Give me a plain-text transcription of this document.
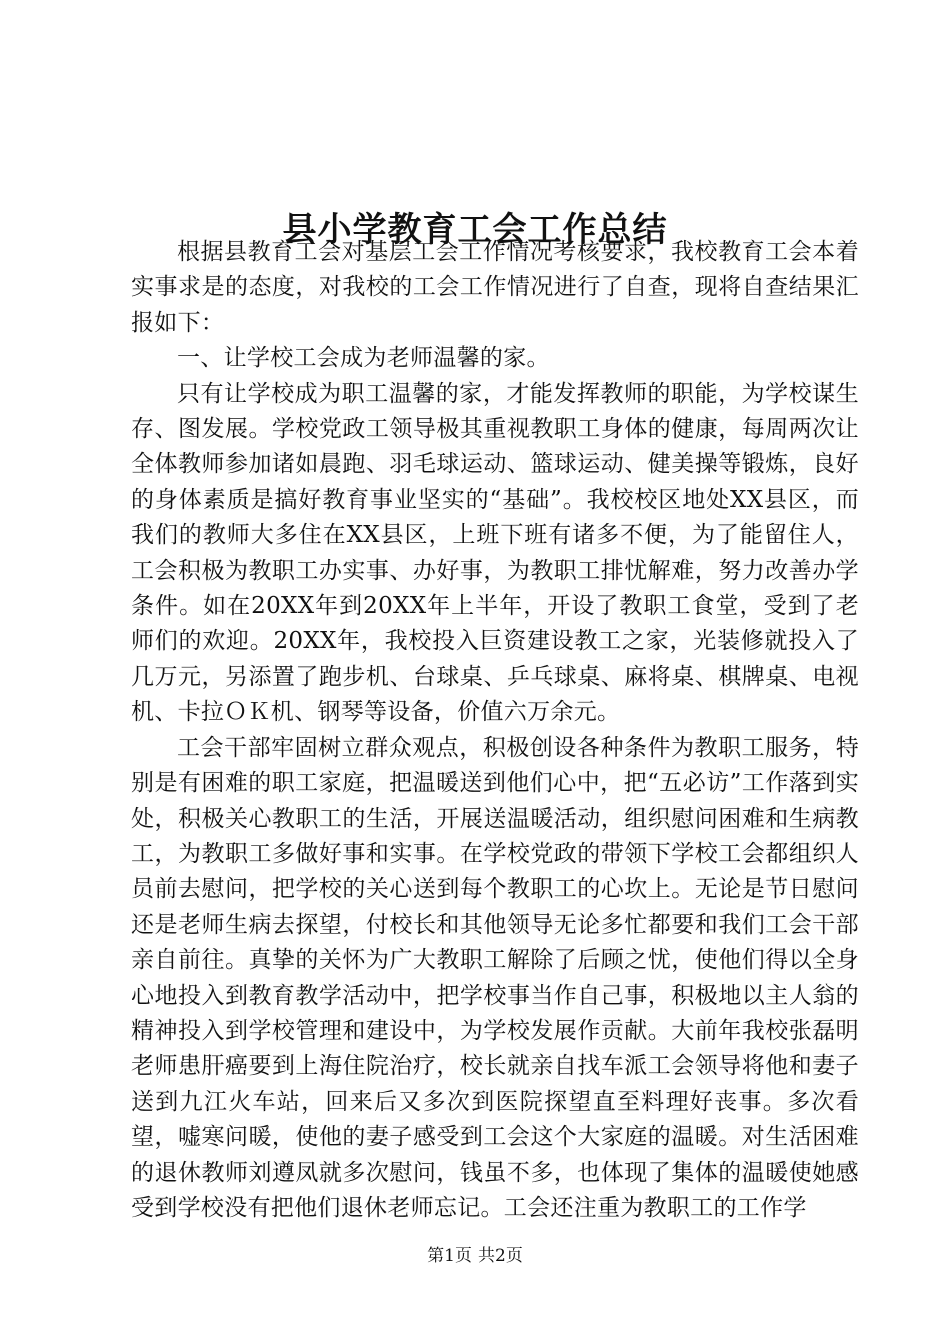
县小学教育工会工作总结

根据县教育工会对基层工会工作情况考核要求，我校教育工会本着实事求是的态度，对我校的工会工作情况进行了自查，现将自查结果汇报如下：

一、让学校工会成为老师温馨的家。

只有让学校成为职工温馨的家，才能发挥教师的职能，为学校谋生存、图发展。学校党政工领导极其重视教职工身体的健康，每周两次让全体教师参加诸如晨跑、羽毛球运动、篮球运动、健美操等锻炼，良好的身体素质是搞好教育事业坚实的“基础”。我校校区地处XX县区，而我们的教师大多住在XX县区，上班下班有诸多不便，为了能留住人，工会积极为教职工办实事、办好事，为教职工排忧解难，努力改善办学条件。如在20XX年到20XX年上半年，开设了教职工食堂，受到了老师们的欢迎。20XX年，我校投入巨资建设教工之家，光装修就投入了几万元，另添置了跑步机、台球桌、乒乓球桌、麻将桌、棋牌桌、电视机、卡拉ＯＫ机、钢琴等设备，价值六万余元。

工会干部牢固树立群众观点，积极创设各种条件为教职工服务，特别是有困难的职工家庭，把温暖送到他们心中，把“五必访”工作落到实处，积极关心教职工的生活，开展送温暖活动，组织慰问困难和生病教工，为教职工多做好事和实事。在学校党政的带领下学校工会都组织人员前去慰问，把学校的关心送到每个教职工的心坎上。无论是节日慰问还是老师生病去探望，付校长和其他领导无论多忙都要和我们工会干部亲自前往。真挚的关怀为广大教职工解除了后顾之忧，使他们得以全身心地投入到教育教学活动中，把学校事当作自己事，积极地以主人翁的精神投入到学校管理和建设中，为学校发展作贡献。大前年我校张磊明老师患肝癌要到上海住院治疗，校长就亲自找车派工会领导将他和妻子送到九江火车站，回来后又多次到医院探望直至料理好丧事。多次看望，嘘寒问暖，使他的妻子感受到工会这个大家庭的温暖。对生活困难的退休教师刘遵凤就多次慰问，钱虽不多，也体现了集体的温暖使她感受到学校没有把他们退休老师忘记。工会还注重为教职工的工作学

第1页 共2页
